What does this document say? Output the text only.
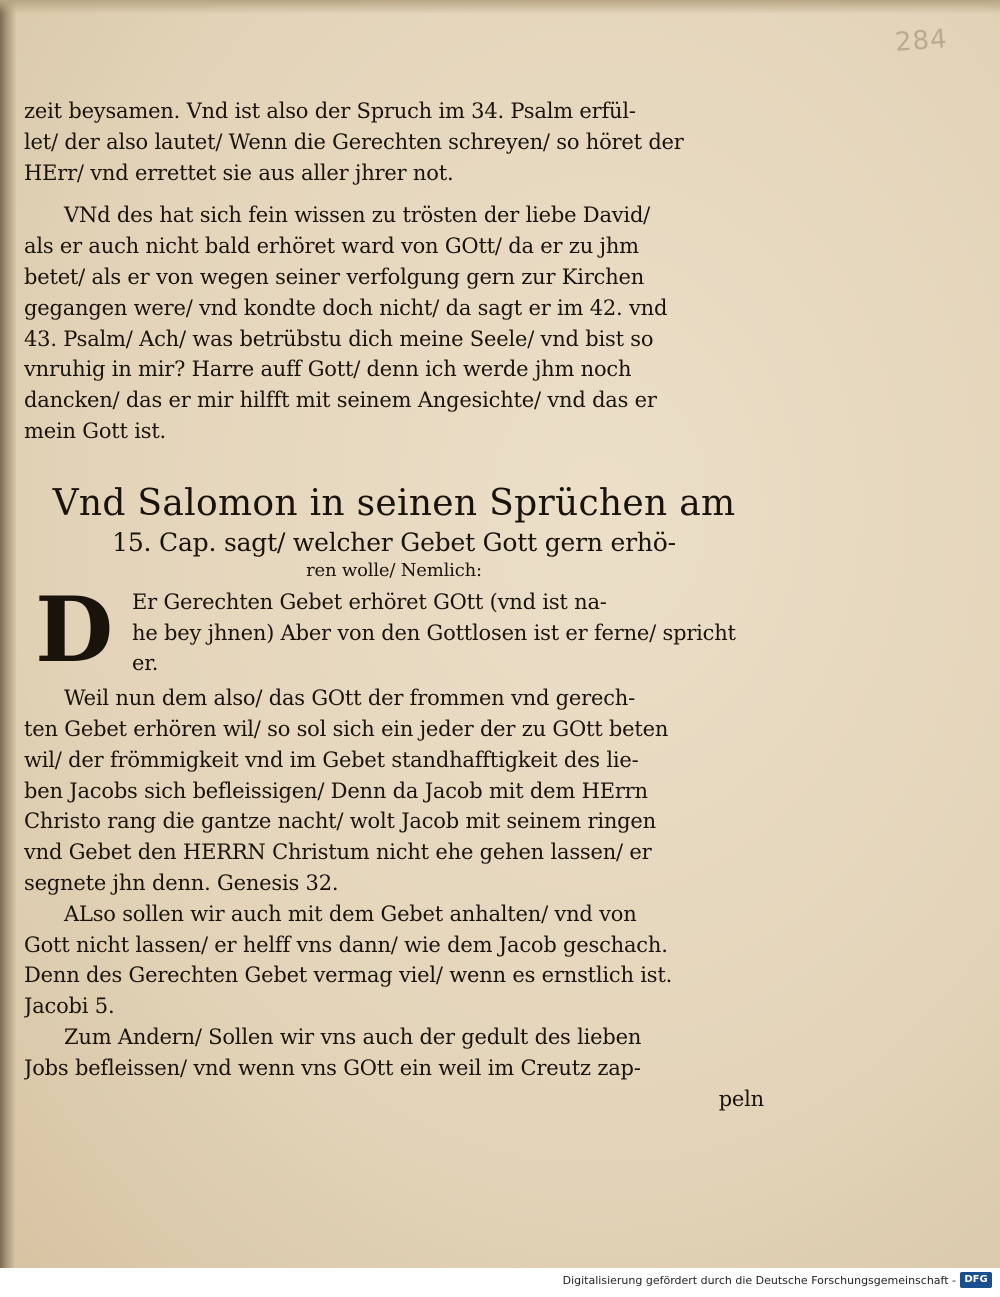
284
zeit beysamen. Vnd ist also der Spruch im 34. Psalm erfül-
let/ der also lautet/ Wenn die Gerechten schreyen/ so höret der
HErr/ vnd errettet sie aus aller jhrer not.
VNd des hat sich fein wissen zu trösten der liebe David/
als er auch nicht bald erhöret ward von GOtt/ da er zu jhm
betet/ als er von wegen seiner verfolgung gern zur Kirchen
gegangen were/ vnd kondte doch nicht/ da sagt er im 42. vnd
43. Psalm/ Ach/ was betrübstu dich meine Seele/ vnd bist so
vnruhig in mir? Harre auff Gott/ denn ich werde jhm noch
dancken/ das er mir hilfft mit seinem Angesichte/ vnd das er
mein Gott ist.
Vnd Salomon in seinen Sprüchen am
15. Cap. sagt/ welcher Gebet Gott gern erhö-
ren wolle/ Nemlich:
D Er Gerechten Gebet erhöret GOtt (vnd ist na-
he bey jhnen) Aber von den Gottlosen ist er ferne/ spricht
er.
Weil nun dem also/ das GOtt der frommen vnd gerech-
ten Gebet erhören wil/ so sol sich ein jeder der zu GOtt beten
wil/ der frömmigkeit vnd im Gebet standhafftigkeit des lie-
ben Jacobs sich befleissigen/ Denn da Jacob mit dem HErrn
Christo rang die gantze nacht/ wolt Jacob mit seinem ringen
vnd Gebet den HERRN Christum nicht ehe gehen lassen/ er
segnete jhn denn. Genesis 32.
ALso sollen wir auch mit dem Gebet anhalten/ vnd von
Gott nicht lassen/ er helff vns dann/ wie dem Jacob geschach.
Denn des Gerechten Gebet vermag viel/ wenn es ernstlich ist.
Jacobi 5.
Zum Andern/ Sollen wir vns auch der gedult des lieben
Jobs befleissen/ vnd wenn vns GOtt ein weil im Creutz zap-
peln
Digitalisierung gefördert durch die Deutsche Forschungsgemeinschaft - DFG
